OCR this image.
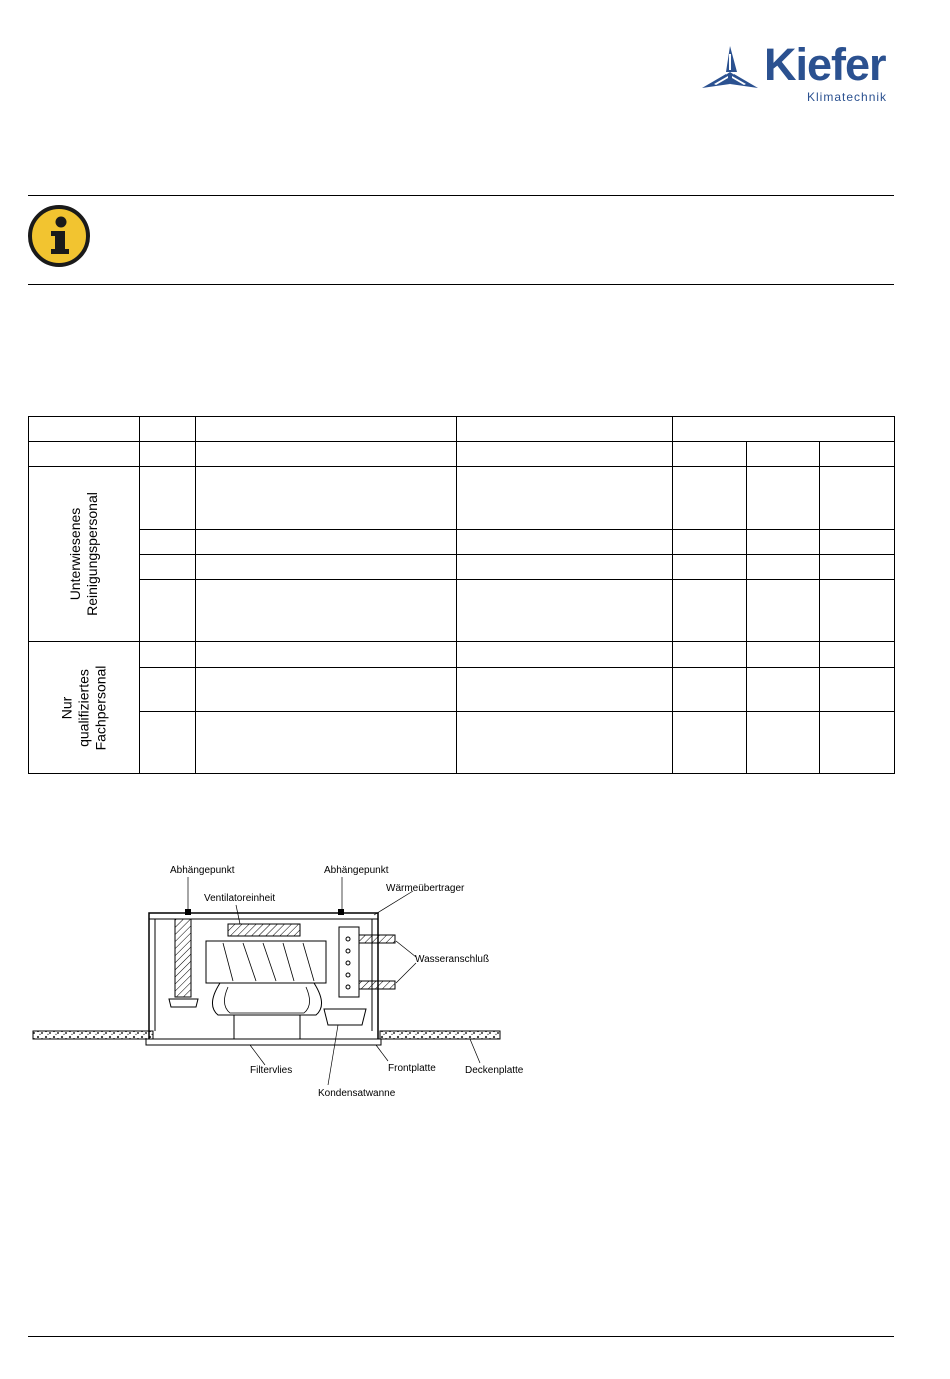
Kiefer
Klimatechnik

Unterwiesenes Reinigungspersonal						

Nur qualifiziertes Fachpersonal						

Abhängepunkt	Abhängepunkt
Ventilatoreinheit
Wärmeübertrager
Wasseranschluß
Filtervlies	Frontplatte	Deckenplatte
Kondensatwanne
